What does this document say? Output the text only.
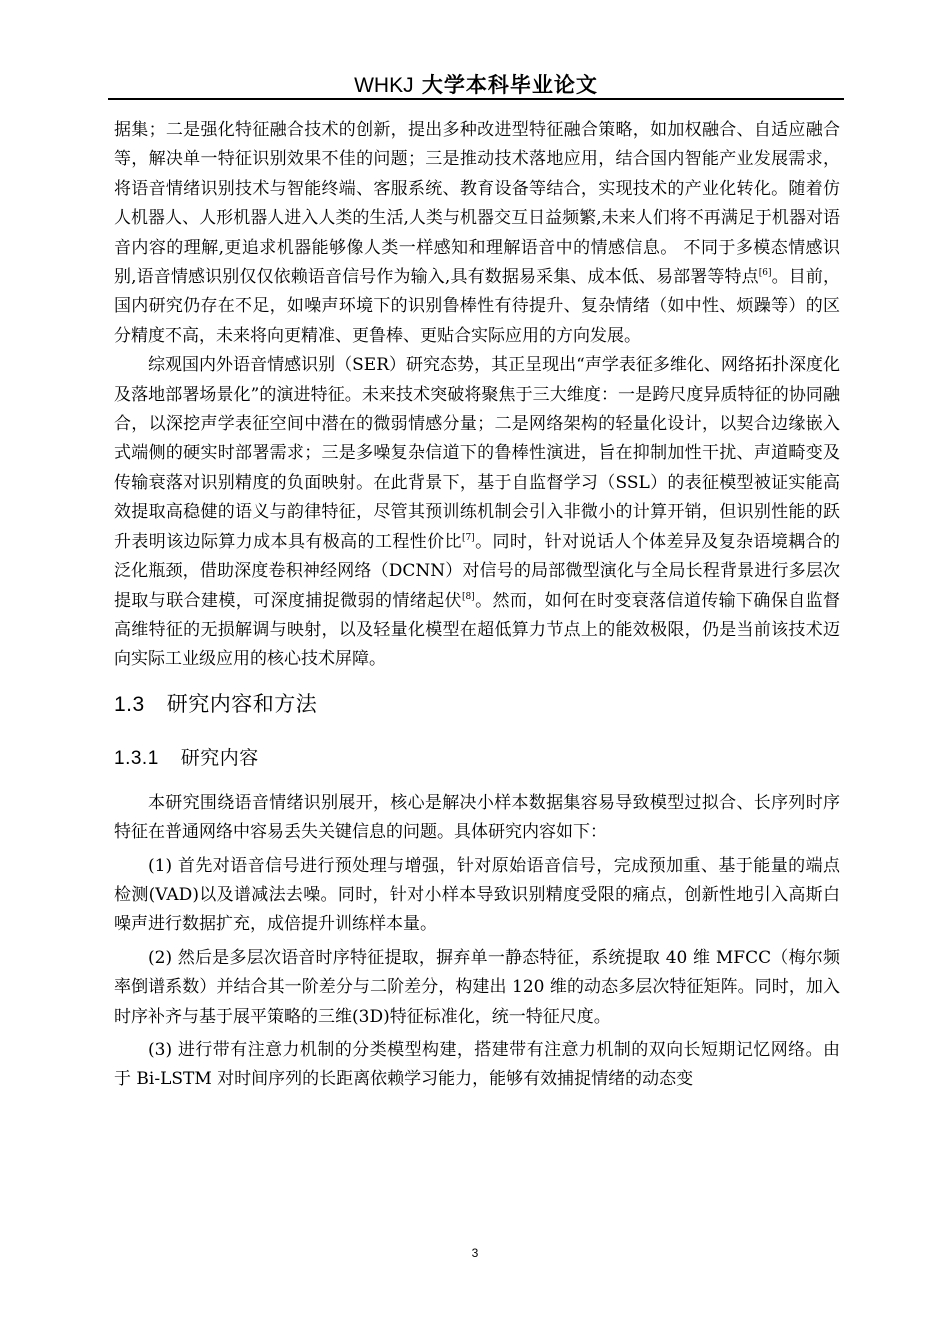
WHKJ 大学本科毕业论文

据集；二是强化特征融合技术的创新，提出多种改进型特征融合策略，如加权融合、自适应融合等，解决单一特征识别效果不佳的问题；三是推动技术落地应用，结合国内智能产业发展需求，将语音情绪识别技术与智能终端、客服系统、教育设备等结合，实现技术的产业化转化。随着仿人机器人、人形机器人进入人类的生活,人类与机器交互日益频繁,未来人们将不再满足于机器对语音内容的理解,更追求机器能够像人类一样感知和理解语音中的情感信息。 不同于多模态情感识别,语音情感识别仅仅依赖语音信号作为输入,具有数据易采集、成本低、易部署等特点[6]。目前，国内研究仍存在不足，如噪声环境下的识别鲁棒性有待提升、复杂情绪（如中性、烦躁等）的区分精度不高，未来将向更精准、更鲁棒、更贴合实际应用的方向发展。

综观国内外语音情感识别（SER）研究态势，其正呈现出“声学表征多维化、网络拓扑深度化及落地部署场景化”的演进特征。未来技术突破将聚焦于三大维度：一是跨尺度异质特征的协同融合，以深挖声学表征空间中潜在的微弱情感分量；二是网络架构的轻量化设计，以契合边缘嵌入式端侧的硬实时部署需求；三是多噪复杂信道下的鲁棒性演进，旨在抑制加性干扰、声道畸变及传输衰落对识别精度的负面映射。在此背景下，基于自监督学习（SSL）的表征模型被证实能高效提取高稳健的语义与韵律特征，尽管其预训练机制会引入非微小的计算开销，但识别性能的跃升表明该边际算力成本具有极高的工程性价比[7]。同时，针对说话人个体差异及复杂语境耦合的泛化瓶颈，借助深度卷积神经网络（DCNN）对信号的局部微型演化与全局长程背景进行多层次提取与联合建模，可深度捕捉微弱的情绪起伏[8]。然而，如何在时变衰落信道传输下确保自监督高维特征的无损解调与映射，以及轻量化模型在超低算力节点上的能效极限，仍是当前该技术迈向实际工业级应用的核心技术屏障。

1.3 研究内容和方法
1.3.1 研究内容

本研究围绕语音情绪识别展开，核心是解决小样本数据集容易导致模型过拟合、长序列时序特征在普通网络中容易丢失关键信息的问题。具体研究内容如下：

(1) 首先对语音信号进行预处理与增强，针对原始语音信号，完成预加重、基于能量的端点检测(VAD)以及谱减法去噪。同时，针对小样本导致识别精度受限的痛点，创新性地引入高斯白噪声进行数据扩充，成倍提升训练样本量。

(2) 然后是多层次语音时序特征提取，摒弃单一静态特征，系统提取 40 维 MFCC（梅尔频率倒谱系数）并结合其一阶差分与二阶差分，构建出 120 维的动态多层次特征矩阵。同时，加入时序补齐与基于展平策略的三维(3D)特征标准化，统一特征尺度。

(3) 进行带有注意力机制的分类模型构建，搭建带有注意力机制的双向长短期记忆网络。由于 Bi-LSTM 对时间序列的长距离依赖学习能力，能够有效捕捉情绪的动态变

3
